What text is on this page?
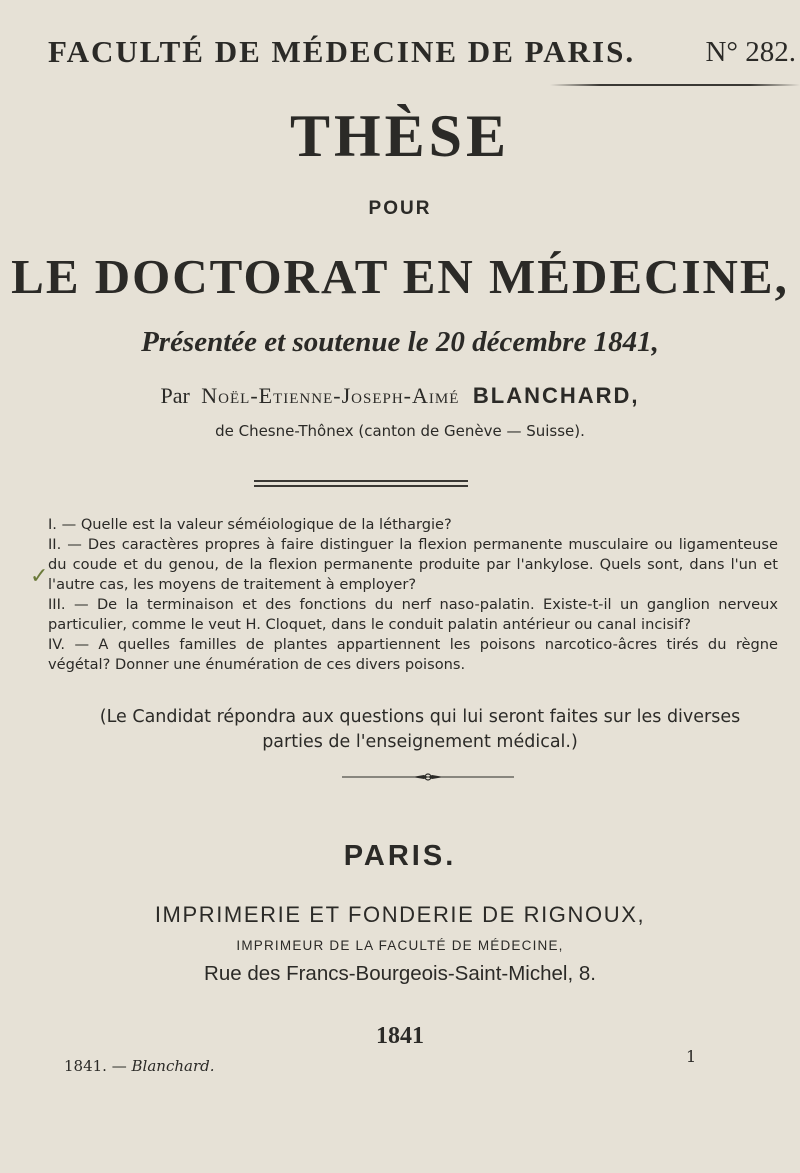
FACULTÉ DE MÉDECINE DE PARIS. N° 282.
THÈSE
POUR
LE DOCTORAT EN MÉDECINE,
Présentée et soutenue le 20 décembre 1841,
Par Noël-Etienne-Joseph-Aimé BLANCHARD,
de Chesne-Thônex (canton de Genève — Suisse).
✓

I. — Quelle est la valeur séméiologique de la léthargie?

II. — Des caractères propres à faire distinguer la flexion permanente musculaire ou ligamenteuse du coude et du genou, de la flexion permanente produite par l'ankylose. Quels sont, dans l'un et l'autre cas, les moyens de traitement à employer?

III. — De la terminaison et des fonctions du nerf naso-palatin. Existe-t-il un ganglion nerveux particulier, comme le veut H. Cloquet, dans le conduit palatin antérieur ou canal incisif?

IV. — A quelles familles de plantes appartiennent les poisons narcotico-âcres tirés du règne végétal? Donner une énumération de ces divers poisons.

(Le Candidat répondra aux questions qui lui seront faites sur les diverses parties de l'enseignement médical.)
PARIS.
IMPRIMERIE ET FONDERIE DE RIGNOUX,
IMPRIMEUR DE LA FACULTÉ DE MÉDECINE,
Rue des Francs-Bourgeois-Saint-Michel, 8.
1841
1841. — Blanchard.	1
